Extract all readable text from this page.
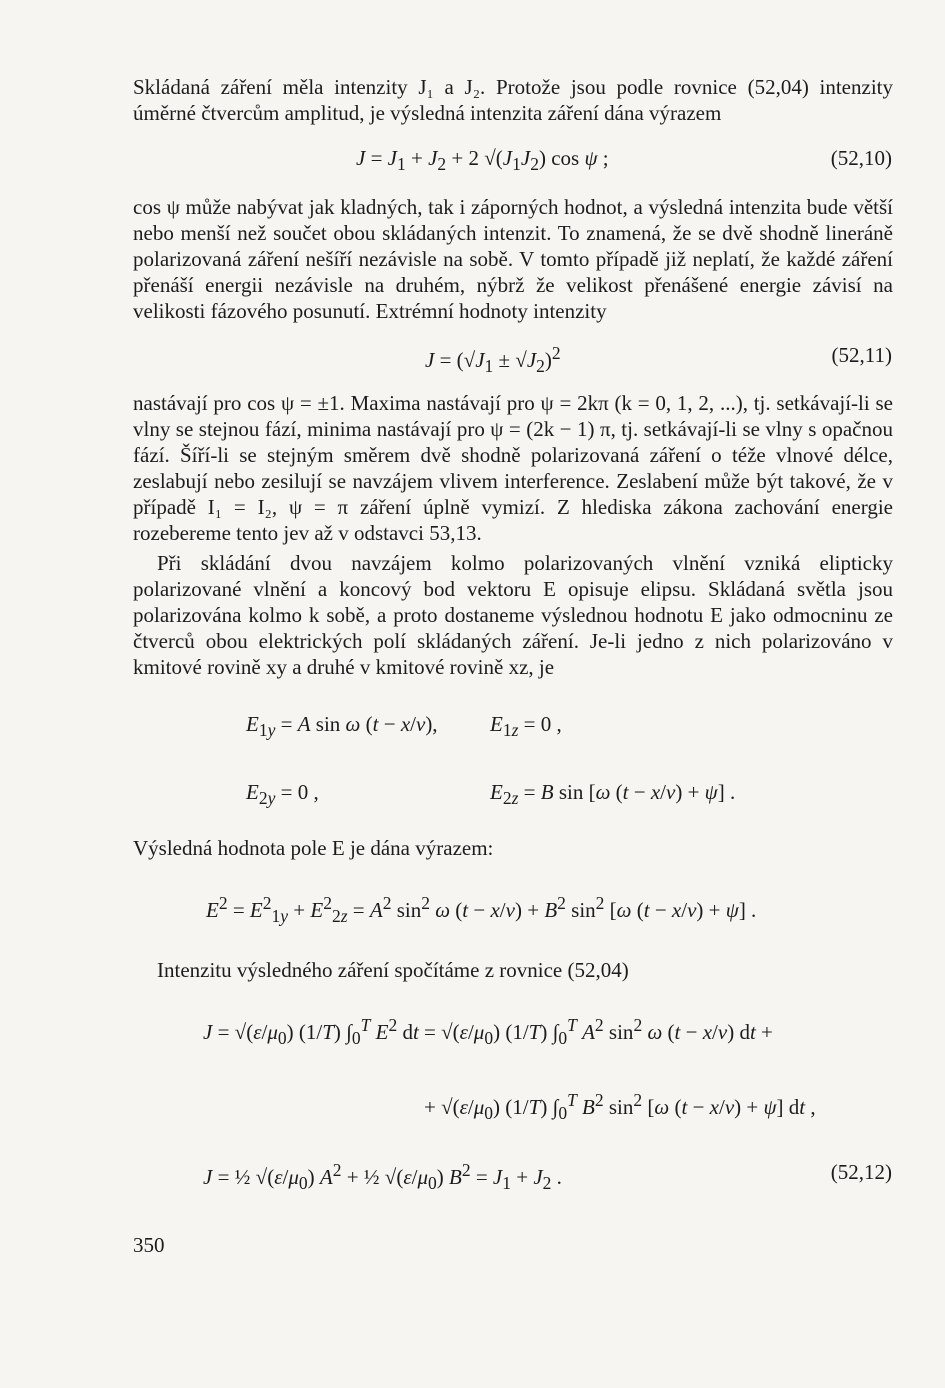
Skládaná záření měla intenzity J₁ a J₂. Protože jsou podle rovnice (52,04) intenzity úměrné čtvercům amplitud, je výsledná intenzita záření dána výrazem

$J = J_1 + J_2 + 2$ $√(J_1J_2)$ cos ψ ;	(52,10)

cos ψ může nabývat jak kladných, tak i záporných hodnot, a výsledná intenzita bude větší nebo menší než součet obou skládaných intenzit. To znamená, že se dvě shodně lineráně polarizovaná záření nešíří nezávisle na sobě. V tomto případě již neplatí, že každé záření přenáší energii nezávisle na druhém, nýbrž že velikost přenášené energie závisí na velikosti fázového posunutí. Extrémní hodnoty intenzity

$J = (√J_1 \pm √J_2)^2$	(52,11)

nastávají pro cos ψ = ±1. Maxima nastávají pro ψ = 2kπ (k = 0, 1, 2, ...), tj. setkávají-li se vlny se stejnou fází, minima nastávají pro ψ = (2k − 1) π, tj. setkávají-li se vlny s opačnou fází. Šíří-li se stejným směrem dvě shodně polarizovaná záření o téže vlnové délce, zeslabují nebo zesilují se navzájem vlivem interference. Zeslabení může být takové, že v případě I₁ = I₂, ψ = π záření úplně vymizí. Z hlediska zákona zachování energie rozebereme tento jev až v odstavci 53,13.

Při skládání dvou navzájem kolmo polarizovaných vlnění vzniká elipticky polarizované vlnění a koncový bod vektoru E opisuje elipsu. Skládaná světla jsou polarizována kolmo k sobě, a proto dostaneme výslednou hodnotu E jako odmocninu ze čtverců obou elektrických polí skládaných záření. Je-li jedno z nich polarizováno v kmitové rovině xy a druhé v kmitové rovině xz, je

$E_{1y} = A$ sin ω (t − x/v), $E_{1z} = 0$ ,
$E_{2y} = 0$ ,	$E_{2z} = B$ sin [ω (t − x/v) + ψ] .

Výsledná hodnota pole E je dána výrazem:

$E^2 = E^2_{1y} + E^2_{2z} = A^2$ $\sin^2 \omega$ $(t - x/v) + B^2$ $\sin^2 [\omega$ (t − x/v) + ψ] .

Intenzitu výsledného záření spočítáme z rovnice (52,04)

$J = √(\varepsilon/\mu_0)$ (1/T) $\int_0^T$ $E^2$ dt = $√(\varepsilon/\mu_0)$ (1/T) $\int_0^T$ $A^2$ $\sin^2 \omega$ (t − x/v) dt +
+ $√(\varepsilon/\mu_0)$ (1/T) $\int_0^T$ $B^2$ $\sin^2 [\omega$ (t − x/v) + ψ] dt ,
J = ½ $√(\varepsilon/\mu_0) A^2$ + ½ $√(\varepsilon/\mu_0) B^2 = J_1 + J_2$ .	(52,12)
350
